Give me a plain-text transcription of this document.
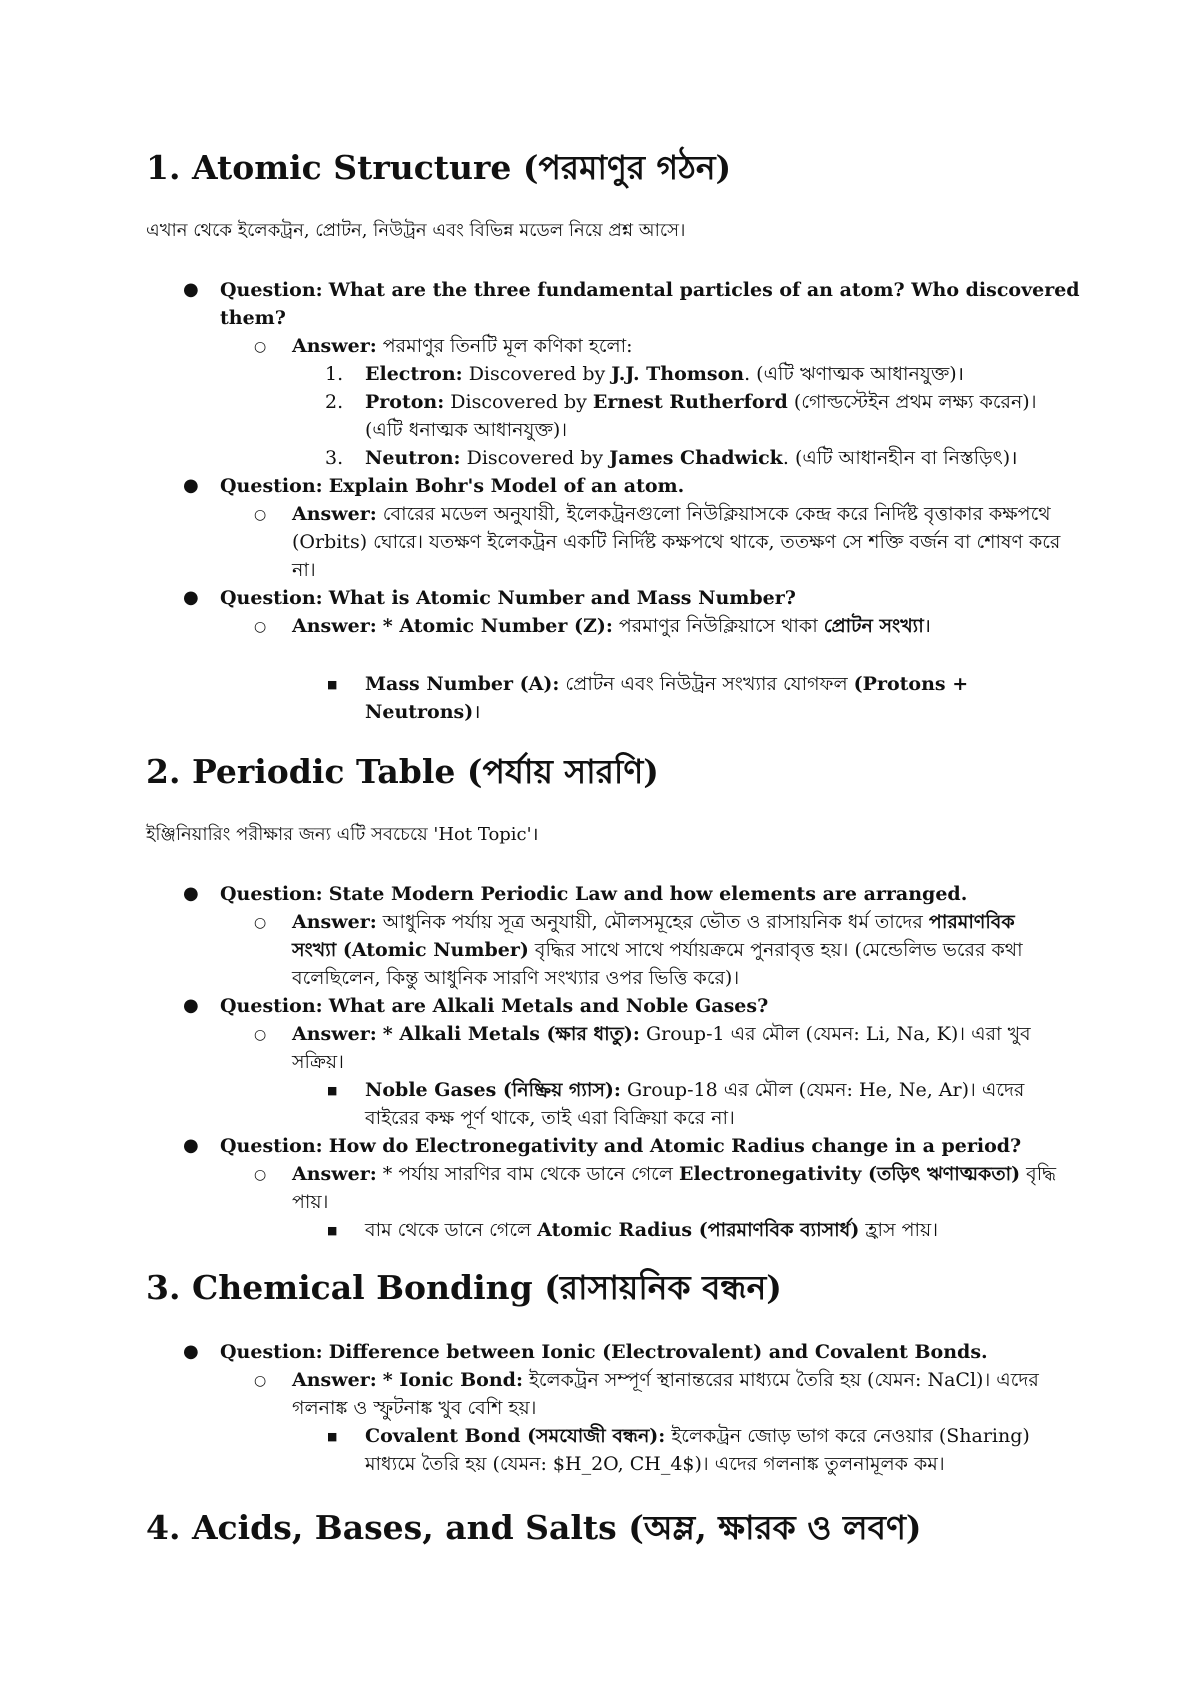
1. Atomic Structure (পরমাণুর গঠন)

এখান থেকে ইলেকট্রন, প্রোটন, নিউট্রন এবং বিভিন্ন মডেল নিয়ে প্রশ্ন আসে।

● Question: What are the three fundamental particles of an atom? Who discovered them?
○ Answer: পরমাণুর তিনটি মূল কণিকা হলো:
1. Electron: Discovered by J.J. Thomson. (এটি ঋণাত্মক আধানযুক্ত)।
2. Proton: Discovered by Ernest Rutherford (গোল্ডস্টেইন প্রথম লক্ষ্য করেন)। (এটি ধনাত্মক আধানযুক্ত)।
3. Neutron: Discovered by James Chadwick. (এটি আধানহীন বা নিস্তড়িৎ)।
● Question: Explain Bohr's Model of an atom.
○ Answer: বোরের মডেল অনুযায়ী, ইলেকট্রনগুলো নিউক্লিয়াসকে কেন্দ্র করে নির্দিষ্ট বৃত্তাকার কক্ষপথে (Orbits) ঘোরে। যতক্ষণ ইলেকট্রন একটি নির্দিষ্ট কক্ষপথে থাকে, ততক্ষণ সে শক্তি বর্জন বা শোষণ করে না।
● Question: What is Atomic Number and Mass Number?
○ Answer: * Atomic Number (Z): পরমাণুর নিউক্লিয়াসে থাকা প্রোটন সংখ্যা।
■ Mass Number (A): প্রোটন এবং নিউট্রন সংখ্যার যোগফল (Protons + Neutrons)।
2. Periodic Table (পর্যায় সারণি)

ইঞ্জিনিয়ারিং পরীক্ষার জন্য এটি সবচেয়ে 'Hot Topic'।

● Question: State Modern Periodic Law and how elements are arranged.
○ Answer: আধুনিক পর্যায় সূত্র অনুযায়ী, মৌলসমূহের ভৌত ও রাসায়নিক ধর্ম তাদের পারমাণবিক সংখ্যা (Atomic Number) বৃদ্ধির সাথে সাথে পর্যায়ক্রমে পুনরাবৃত্ত হয়। (মেন্ডেলিভ ভরের কথা বলেছিলেন, কিন্তু আধুনিক সারণি সংখ্যার ওপর ভিত্তি করে)।
● Question: What are Alkali Metals and Noble Gases?
○ Answer: * Alkali Metals (ক্ষার ধাতু): Group-1 এর মৌল (যেমন: Li, Na, K)। এরা খুব সক্রিয়।
■ Noble Gases (নিষ্ক্রিয় গ্যাস): Group-18 এর মৌল (যেমন: He, Ne, Ar)। এদের বাইরের কক্ষ পূর্ণ থাকে, তাই এরা বিক্রিয়া করে না।
● Question: How do Electronegativity and Atomic Radius change in a period?
○ Answer: * পর্যায় সারণির বাম থেকে ডানে গেলে Electronegativity (তড়িৎ ঋণাত্মকতা) বৃদ্ধি পায়।
■ বাম থেকে ডানে গেলে Atomic Radius (পারমাণবিক ব্যাসার্ধ) হ্রাস পায়।
3. Chemical Bonding (রাসায়নিক বন্ধন)
● Question: Difference between Ionic (Electrovalent) and Covalent Bonds.
○ Answer: * Ionic Bond: ইলেকট্রন সম্পূর্ণ স্থানান্তরের মাধ্যমে তৈরি হয় (যেমন: NaCl)। এদের গলনাঙ্ক ও স্ফুটনাঙ্ক খুব বেশি হয়।
■ Covalent Bond (সমযোজী বন্ধন): ইলেকট্রন জোড় ভাগ করে নেওয়ার (Sharing) মাধ্যমে তৈরি হয় (যেমন: $H_2O, CH_4$)। এদের গলনাঙ্ক তুলনামূলক কম।
4. Acids, Bases, and Salts (অম্ল, ক্ষারক ও লবণ)
